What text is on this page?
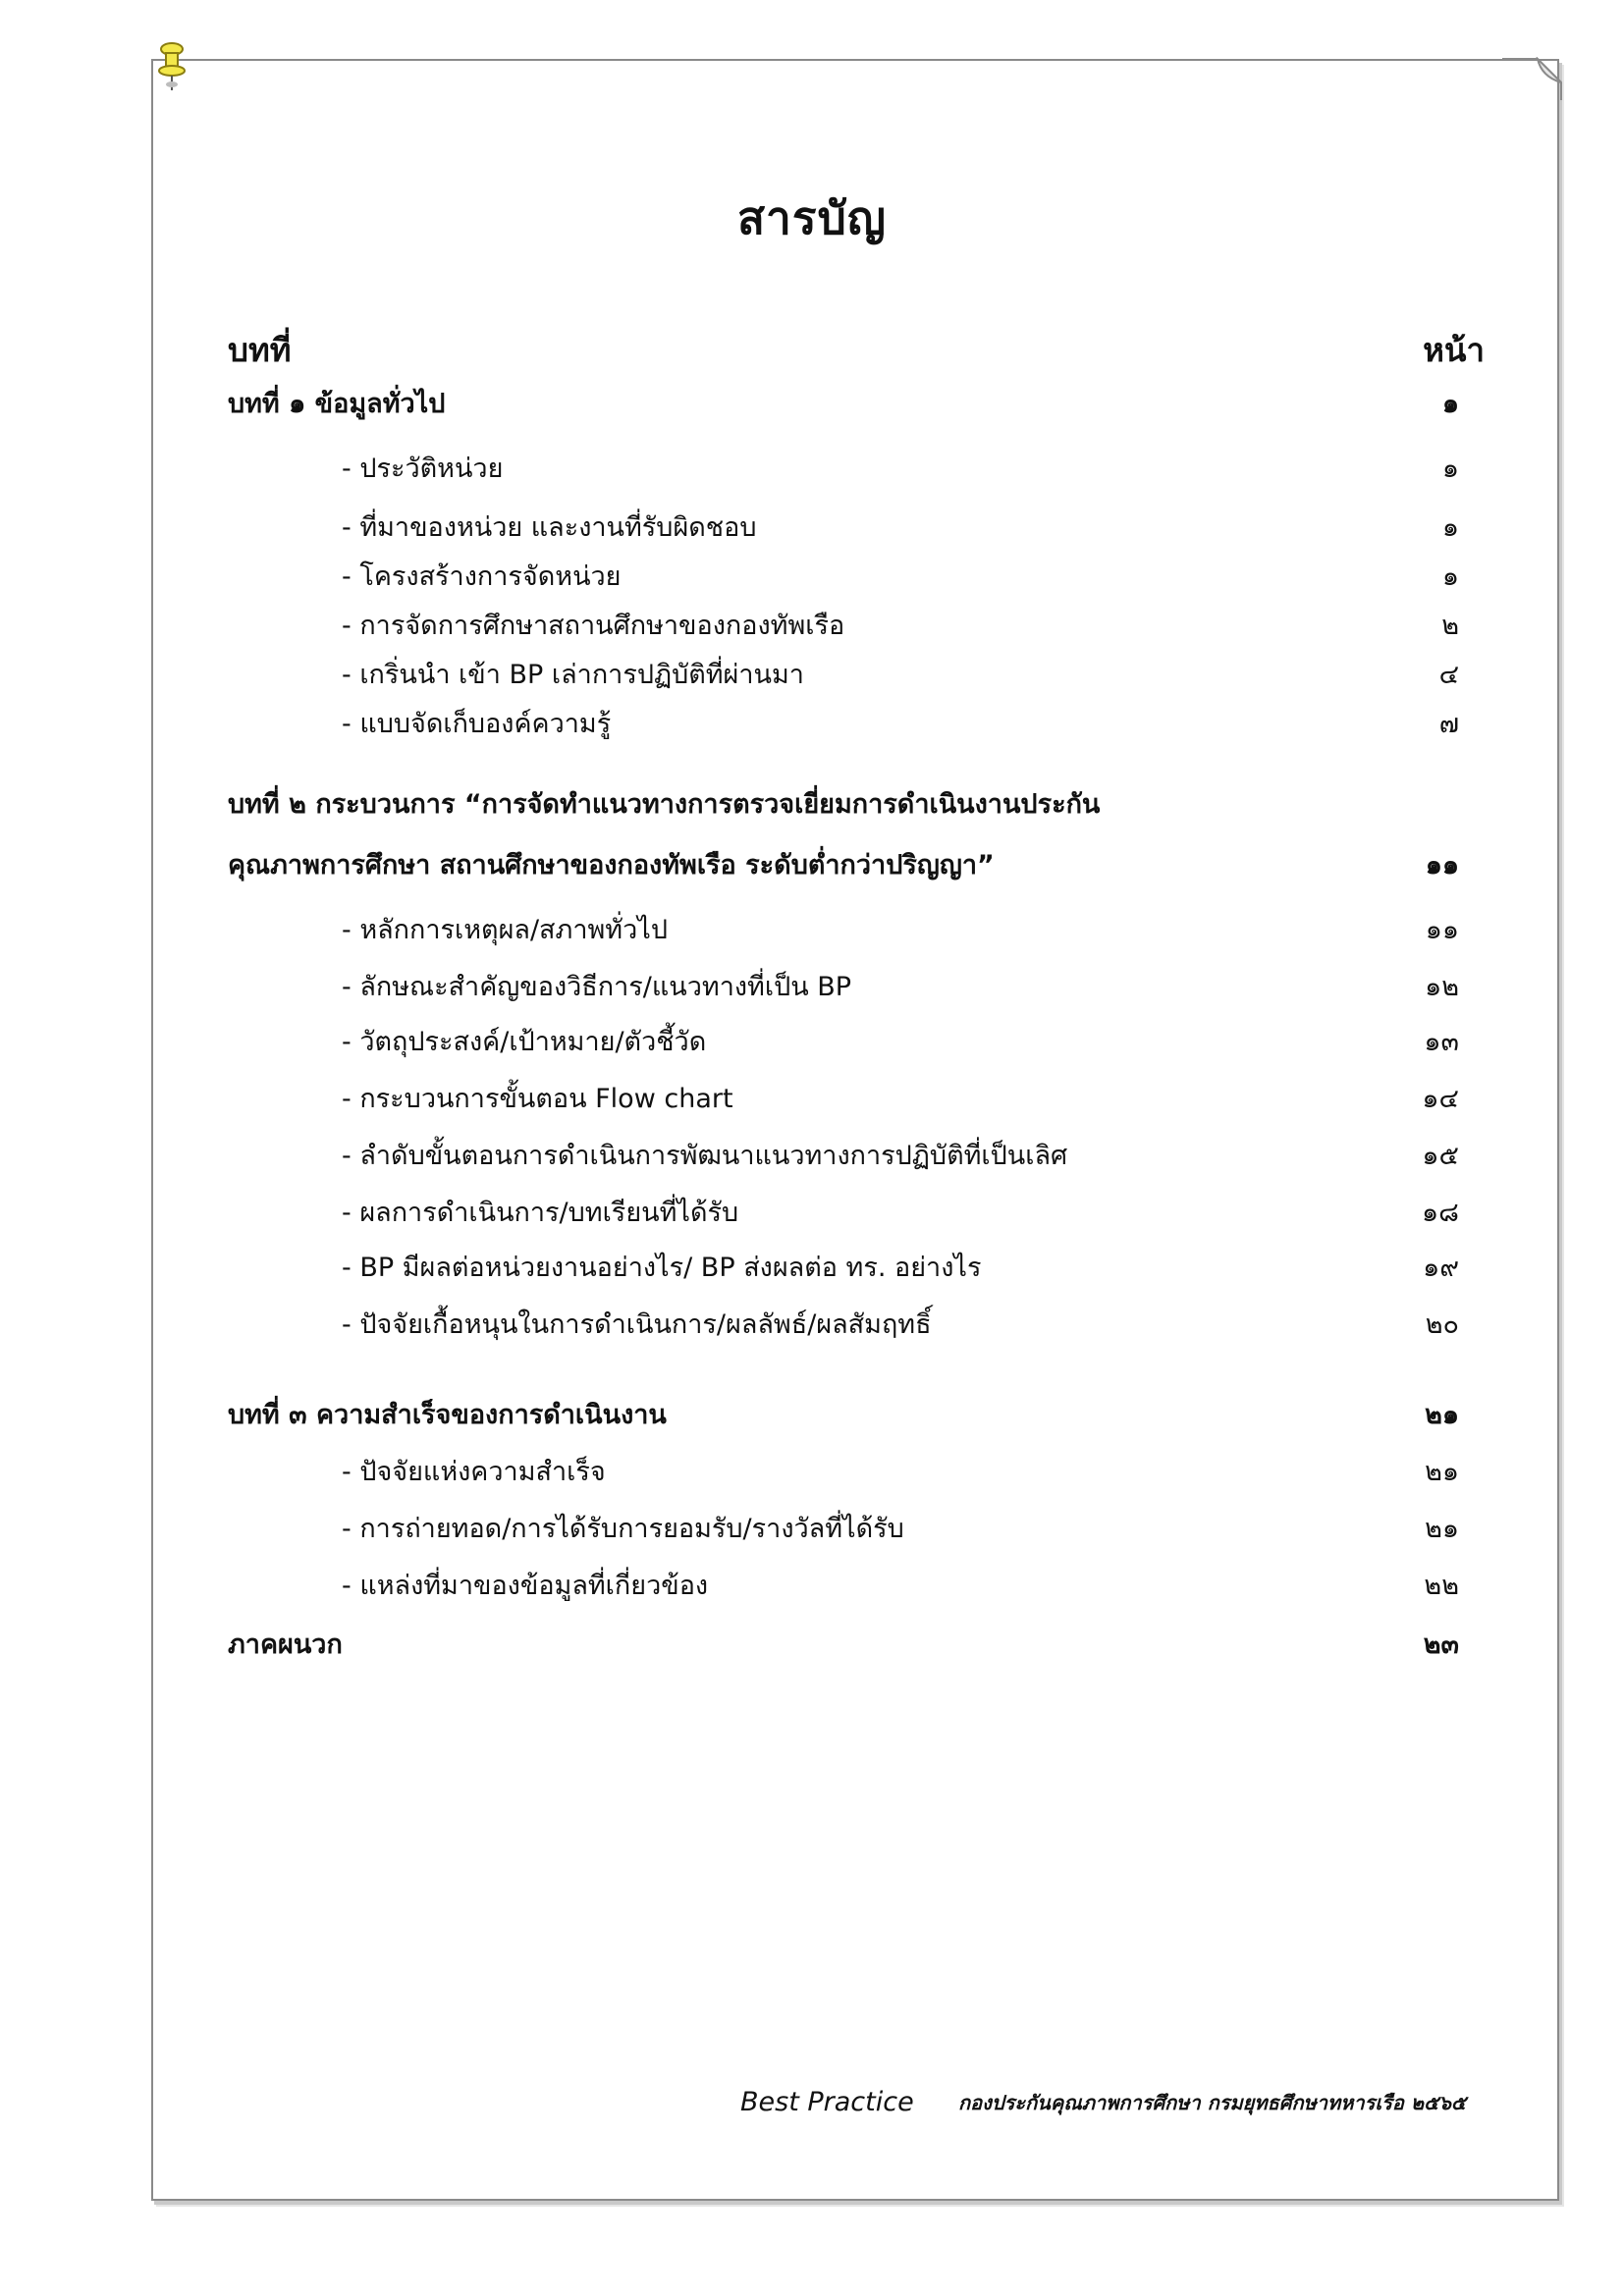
สารบัญ
บทที่	หน้า
บทที่ ๑ ข้อมูลทั่วไป	๑
- ประวัติหน่วย	๑
- ที่มาของหน่วย และงานที่รับผิดชอบ	๑
- โครงสร้างการจัดหน่วย	๑
- การจัดการศึกษาสถานศึกษาของกองทัพเรือ	๒
- เกริ่นนำ เข้า BP เล่าการปฏิบัติที่ผ่านมา	๔
- แบบจัดเก็บองค์ความรู้	๗
บทที่ ๒ กระบวนการ “การจัดทำแนวทางการตรวจเยี่ยมการดำเนินงานประกัน
คุณภาพการศึกษา สถานศึกษาของกองทัพเรือ ระดับต่ำกว่าปริญญา”	๑๑
- หลักการเหตุผล/สภาพทั่วไป	๑๑
- ลักษณะสำคัญของวิธีการ/แนวทางที่เป็น BP	๑๒
- วัตถุประสงค์/เป้าหมาย/ตัวชี้วัด	๑๓
- กระบวนการขั้นตอน Flow chart	๑๔
- ลำดับขั้นตอนการดำเนินการพัฒนาแนวทางการปฏิบัติที่เป็นเลิศ	๑๕
- ผลการดำเนินการ/บทเรียนที่ได้รับ	๑๘
- BP มีผลต่อหน่วยงานอย่างไร/ BP ส่งผลต่อ ทร. อย่างไร	๑๙
- ปัจจัยเกื้อหนุนในการดำเนินการ/ผลลัพธ์/ผลสัมฤทธิ์	๒๐
บทที่ ๓ ความสำเร็จของการดำเนินงาน	๒๑
- ปัจจัยแห่งความสำเร็จ	๒๑
- การถ่ายทอด/การได้รับการยอมรับ/รางวัลที่ได้รับ	๒๑
- แหล่งที่มาของข้อมูลที่เกี่ยวข้อง	๒๒
ภาคผนวก	๒๓
Best Practice กองประกันคุณภาพการศึกษา กรมยุทธศึกษาทหารเรือ ๒๕๖๕
